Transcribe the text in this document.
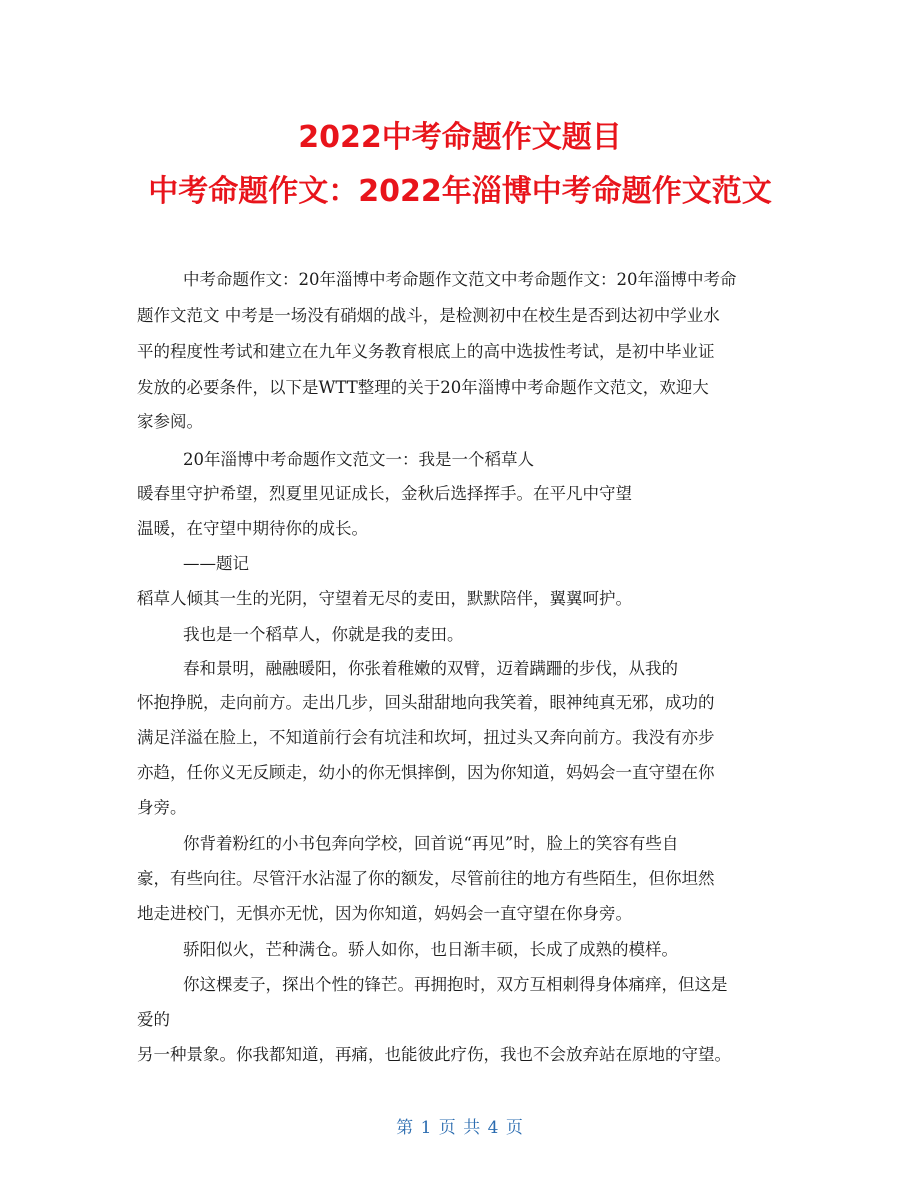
2022中考命题作文题目
中考命题作文：2022年淄博中考命题作文范文

中考命题作文：20年淄博中考命题作文范文中考命题作文：20年淄博中考命

题作文范文 中考是一场没有硝烟的战斗，是检测初中在校生是否到达初中学业水

平的程度性考试和建立在九年义务教育根底上的高中选拔性考试，是初中毕业证

发放的必要条件，以下是WTT整理的关于20年淄博中考命题作文范文，欢迎大

家参阅。

20年淄博中考命题作文范文一：我是一个稻草人

暖春里守护希望，烈夏里见证成长，金秋后选择挥手。在平凡中守望

温暖，在守望中期待你的成长。

——题记

稻草人倾其一生的光阴，守望着无尽的麦田，默默陪伴，翼翼呵护。

我也是一个稻草人，你就是我的麦田。

春和景明，融融暖阳，你张着稚嫩的双臂，迈着蹒跚的步伐，从我的

怀抱挣脱，走向前方。走出几步，回头甜甜地向我笑着，眼神纯真无邪，成功的

满足洋溢在脸上，不知道前行会有坑洼和坎坷，扭过头又奔向前方。我没有亦步

亦趋，任你义无反顾走，幼小的你无惧摔倒，因为你知道，妈妈会一直守望在你

身旁。

你背着粉红的小书包奔向学校，回首说“再见”时，脸上的笑容有些自

豪，有些向往。尽管汗水沾湿了你的额发，尽管前往的地方有些陌生，但你坦然

地走进校门，无惧亦无忧，因为你知道，妈妈会一直守望在你身旁。

骄阳似火，芒种满仓。骄人如你，也日渐丰硕，长成了成熟的模样。

你这棵麦子，探出个性的锋芒。再拥抱时，双方互相刺得身体痛痒，但这是

爱的

另一种景象。你我都知道，再痛，也能彼此疗伤，我也不会放弃站在原地的守望。

第 1 页 共 4 页
